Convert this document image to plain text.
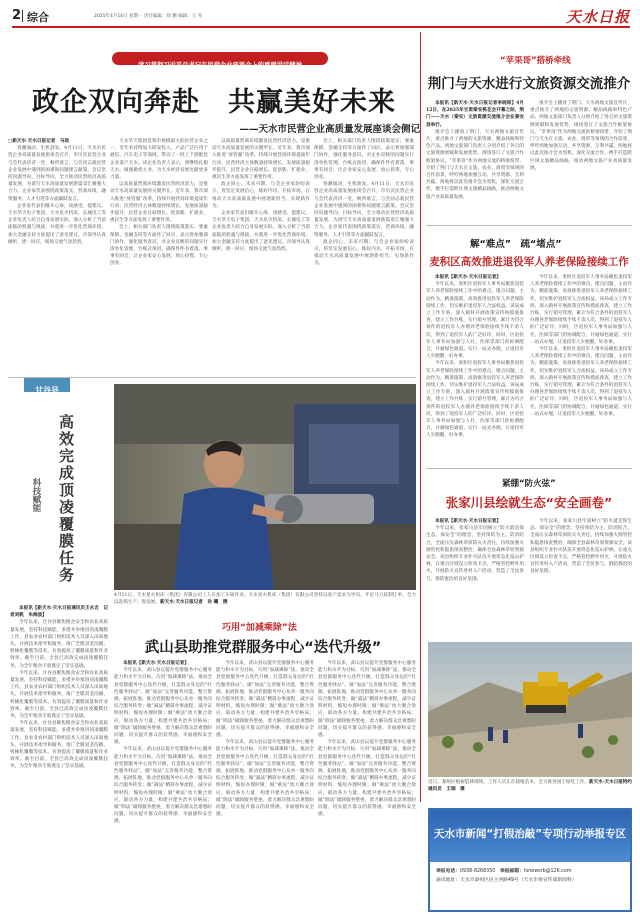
2 综合	2025年4月14日 星期一 责任编辑：徐 鹏 编辑：王 军	天水日报
学习贯彻习近平总书记在民营企业座谈会上的重要讲话精神
政企双向奔赴　共赢美好未来
——天水市民营企业高质量发展座谈会侧记

□新天水·天水日报记者　马琰

春潮涌动，生机勃发。4月11日，天水市民营企业高质量发展座谈会召开，市历次民营企业与会代表济济一堂，畅所欲言，与会同志就民营企业发展中遇到的困难和问题建言献策。会议坚持问题导向、目标导向，全力推动民营经济高质量发展，为谱写天水高质量发展新篇章汇聚强大合力。企业家代表围绕政策落实、营商环境、融资服务、人才引进等方面踊跃发言。

企业家代表们敞开心扉，谈感受、提建议。天水华天电子集团、天水星火机床、长城电工等企业负责人结合自身发展实际，深入分析了当前面临的机遇与挑战，并就进一步优化营商环境、加大金融支持力度提出了意见建议。市领导认真倾听，逐一回应，现场交流气氛热烈。

天水华天集团是我市规模最大的民营企业之一，近年来持续加大研发投入，产品广泛应用于通信、汽车电子等领域，带动了一批上下游配套企业落户天水。该企业负责人表示，将继续扎根天水，做强做优主业，为天水经济发展贡献更多力量。

以高质量营商环境激发民营经济活力，是推动天水高质量发展的关键所在。近年来，我市深入推进“放管服”改革，持续开展营商环境提质年行动，民营经济主体数量持续增长，发展质量稳步提升，民营企业在稳增长、促创新、扩就业、惠民生等方面发挥了重要作用。

会上，相关部门负责人围绕政策落实、要素保障、金融支持等方面作了回应，表示将加强部门协作，强化服务意识，对企业反映的问题实行清单化管理、台账式推进，确保件件有着落、事事有回音，让企业家安心发展、放心投资、专心创业。

以高质量营商环境激发民营经济活力，是推动天水高质量发展的关键所在。近年来，我市深入推进“放管服”改革，持续开展营商环境提质年行动，民营经济主体数量持续增长，发展质量稳步提升，民营企业在稳增长、促创新、扩就业、惠民生等方面发挥了重要作用。

政企同心，未来可期。与会企业家纷纷表示，将坚定发展信心，练好内功、开拓市场，在推动天水高质量发展中展现新担当、实现新作为。

企业家代表们敞开心扉，谈感受、提建议。天水华天电子集团、天水星火机床、长城电工等企业负责人结合自身发展实际，深入分析了当前面临的机遇与挑战，并就进一步优化营商环境、加大金融支持力度提出了意见建议。市领导认真倾听，逐一回应，现场交流气氛热烈。

会上，相关部门负责人围绕政策落实、要素保障、金融支持等方面作了回应，表示将加强部门协作，强化服务意识，对企业反映的问题实行清单化管理、台账式推进，确保件件有着落、事事有回音，让企业家安心发展、放心投资、专心创业。

春潮涌动，生机勃发。4月11日，天水市民营企业高质量发展座谈会召开，市历次民营企业与会代表济济一堂，畅所欲言，与会同志就民营企业发展中遇到的困难和问题建言献策。会议坚持问题导向、目标导向，全力推动民营经济高质量发展，为谱写天水高质量发展新篇章汇聚强大合力。企业家代表围绕政策落实、营商环境、融资服务、人才引进等方面踊跃发言。

政企同心，未来可期。与会企业家纷纷表示，将坚定发展信心，练好内功、开拓市场，在推动天水高质量发展中展现新担当、实现新作为。

“苹果哥”搭桥牵线
荆门与天水进行文旅资源交流推介

本报讯【新天水·天水日报记者李晓琼】4月12日，在2025年甘肃秦安桃花会开幕之际，荆门——天水（秦安）文旅资源交流推介会在秦安县举行。

推介会上播放了荆门、天水两地文旅宣传片，重点推介了两地的文旅资源、精品线路和特色产品。两地文旅部门负责人分别介绍了各自的文旅资源禀赋和发展优势，现场签订了文旅合作框架协议。“苹果哥”作为两地交流的桥梁纽带，介绍了荆门与天水在文旅、农业、商贸等领域的合作前景，呼吁两地加强互动、共享资源、互利共赢。两地将以此次推介会为契机，深化交流合作，携手打造跨区域文旅精品线路，推动两地文旅产业高质量发展。

推介会上播放了荆门、天水两地文旅宣传片，重点推介了两地的文旅资源、精品线路和特色产品。两地文旅部门负责人分别介绍了各自的文旅资源禀赋和发展优势，现场签订了文旅合作框架协议。“苹果哥”作为两地交流的桥梁纽带，介绍了荆门与天水在文旅、农业、商贸等领域的合作前景，呼吁两地加强互动、共享资源、互利共赢。两地将以此次推介会为契机，深化交流合作，携手打造跨区域文旅精品线路，推动两地文旅产业高质量发展。

解“难点”　疏“堵点”
麦积区高效推进退役军人养老保险接续工作

本报讯【新天水·天水日报记者】

今年以来，麦积区退役军人事务局聚焦退役军人养老保险接续工作中的难点、堵点问题，主动作为、精准施策，高效推进退役军人养老保险接续工作，切实维护退役军人合法权益。该局成立工作专班，深入镇村开展政策宣传和摸底排查，建立工作台账，实行销号管理，累计为符合条件的退役军人办理养老保险接续手续千余人次，得到了退役军人的广泛好评。同时，区退役军人事务局加强与人社、医保等部门的协调配合，开通绿色通道，实行一站式办理，让退役军人少跑腿、好办事。

今年以来，麦积区退役军人事务局聚焦退役军人养老保险接续工作中的难点、堵点问题，主动作为、精准施策，高效推进退役军人养老保险接续工作，切实维护退役军人合法权益。该局成立工作专班，深入镇村开展政策宣传和摸底排查，建立工作台账，实行销号管理，累计为符合条件的退役军人办理养老保险接续手续千余人次，得到了退役军人的广泛好评。同时，区退役军人事务局加强与人社、医保等部门的协调配合，开通绿色通道，实行一站式办理，让退役军人少跑腿、好办事。

今年以来，麦积区退役军人事务局聚焦退役军人养老保险接续工作中的难点、堵点问题，主动作为、精准施策，高效推进退役军人养老保险接续工作，切实维护退役军人合法权益。该局成立工作专班，深入镇村开展政策宣传和摸底排查，建立工作台账，实行销号管理，累计为符合条件的退役军人办理养老保险接续手续千余人次，得到了退役军人的广泛好评。同时，区退役军人事务局加强与人社、医保等部门的协调配合，开通绿色通道，实行一站式办理，让退役军人少跑腿、好办事。

今年以来，麦积区退役军人事务局聚焦退役军人养老保险接续工作中的难点、堵点问题，主动作为、精准施策，高效推进退役军人养老保险接续工作，切实维护退役军人合法权益。该局成立工作专班，深入镇村开展政策宣传和摸底排查，建立工作台账，实行销号管理，累计为符合条件的退役军人办理养老保险接续手续千余人次，得到了退役军人的广泛好评。同时，区退役军人事务局加强与人社、医保等部门的协调配合，开通绿色通道，实行一站式办理，让退役军人少跑腿、好办事。

紧绷“防火弦”
张家川县绘就生态“安全画卷”

本报讯【新天水·天水日报记者】

今年以来，张家川县牢固树立“防火就是保生态、保安全”的理念，坚持预防为主、防消结合，全面压实森林草原防灭火责任，持续加强火源管控和隐患排查整治，确保全县森林草原资源安全。该县组织专业扑火队伍开展常态化巡山护林，在重点区域设立检查卡点，严格管控野外用火，开展防火宣传进村入户活动，营造了全民参与、群防群治的良好氛围。

今年以来，张家川县牢固树立“防火就是保生态、保安全”的理念，坚持预防为主、防消结合，全面压实森林草原防灭火责任，持续加强火源管控和隐患排查整治，确保全县森林草原资源安全。该县组织专业扑火队伍开展常态化巡山护林，在重点区域设立检查卡点，严格管控野外用火，开展防火宣传进村入户活动，营造了全民参与、群防群治的良好氛围。

近日，秦州区植树造林现场，工作人员正在栽植苗木，全力推进国土绿化工作。新天水·天水日报特约通讯员　王瑞　摄
甘谷县
高效完成顶凌覆膜任务
科技赋能

本报讯【新天水·天水日报通讯员王永吉　记者刘帆　朱海波】

今年以来，甘谷县聚焦粮食安全和农业高质量发展，坚持科技赋能，多措并举推进顶凌覆膜工作。县农业农村部门组织技术人员深入田间地头，开展技术指导和服务，推广全膜双垄沟播、机械化覆膜等技术，有效提高了覆膜质量和作业效率。截至目前，全县已高效完成顶凌覆膜任务，为全年粮食丰收奠定了坚实基础。

今年以来，甘谷县聚焦粮食安全和农业高质量发展，坚持科技赋能，多措并举推进顶凌覆膜工作。县农业农村部门组织技术人员深入田间地头，开展技术指导和服务，推广全膜双垄沟播、机械化覆膜等技术，有效提高了覆膜质量和作业效率。截至目前，全县已高效完成顶凌覆膜任务，为全年粮食丰收奠定了坚实基础。

今年以来，甘谷县聚焦粮食安全和农业高质量发展，坚持科技赋能，多措并举推进顶凌覆膜工作。县农业农村部门组织技术人员深入田间地头，开展技术指导和服务，推广全膜双垄沟播、机械化覆膜等技术，有效提高了覆膜质量和作业效率。截至目前，全县已高效完成顶凌覆膜任务，为全年粮食丰收奠定了坚实基础。

4月11日，天水星火机床（集团）有限公司工人在加工车间作业。天水星火机床（集团）有限公司坚持以客户需求为导向，开足马力赶制订单，全力以赴抓生产、促发展。新天水·天水日报记者　孙 曦　摄
巧用“加减乘除”法
武山县助推党群服务中心“迭代升级”

本报讯【新天水·天水日报记者】

今年以来，武山县以提升党群服务中心服务能力和水平为目标，巧用“加减乘除”法，推动全县党群服务中心迭代升级，打造群众身边的“红色服务驿站”。做“加法”完善服务功能，整合资源、拓展阵地，推动党群服务中心从单一服务向综合服务转变；做“减法”精简办事流程，减少证明材料，缩短办理时限；做“乘法”放大聚合效应，联动各方力量，构建共建共治共享格局；做“除法”破除服务壁垒，着力解决群众急难愁盼问题，切实提升群众的获得感、幸福感和安全感。

今年以来，武山县以提升党群服务中心服务能力和水平为目标，巧用“加减乘除”法，推动全县党群服务中心迭代升级，打造群众身边的“红色服务驿站”。做“加法”完善服务功能，整合资源、拓展阵地，推动党群服务中心从单一服务向综合服务转变；做“减法”精简办事流程，减少证明材料，缩短办理时限；做“乘法”放大聚合效应，联动各方力量，构建共建共治共享格局；做“除法”破除服务壁垒，着力解决群众急难愁盼问题，切实提升群众的获得感、幸福感和安全感。

今年以来，武山县以提升党群服务中心服务能力和水平为目标，巧用“加减乘除”法，推动全县党群服务中心迭代升级，打造群众身边的“红色服务驿站”。做“加法”完善服务功能，整合资源、拓展阵地，推动党群服务中心从单一服务向综合服务转变；做“减法”精简办事流程，减少证明材料，缩短办理时限；做“乘法”放大聚合效应，联动各方力量，构建共建共治共享格局；做“除法”破除服务壁垒，着力解决群众急难愁盼问题，切实提升群众的获得感、幸福感和安全感。

今年以来，武山县以提升党群服务中心服务能力和水平为目标，巧用“加减乘除”法，推动全县党群服务中心迭代升级，打造群众身边的“红色服务驿站”。做“加法”完善服务功能，整合资源、拓展阵地，推动党群服务中心从单一服务向综合服务转变；做“减法”精简办事流程，减少证明材料，缩短办理时限；做“乘法”放大聚合效应，联动各方力量，构建共建共治共享格局；做“除法”破除服务壁垒，着力解决群众急难愁盼问题，切实提升群众的获得感、幸福感和安全感。

今年以来，武山县以提升党群服务中心服务能力和水平为目标，巧用“加减乘除”法，推动全县党群服务中心迭代升级，打造群众身边的“红色服务驿站”。做“加法”完善服务功能，整合资源、拓展阵地，推动党群服务中心从单一服务向综合服务转变；做“减法”精简办事流程，减少证明材料，缩短办理时限；做“乘法”放大聚合效应，联动各方力量，构建共建共治共享格局；做“除法”破除服务壁垒，着力解决群众急难愁盼问题，切实提升群众的获得感、幸福感和安全感。

今年以来，武山县以提升党群服务中心服务能力和水平为目标，巧用“加减乘除”法，推动全县党群服务中心迭代升级，打造群众身边的“红色服务驿站”。做“加法”完善服务功能，整合资源、拓展阵地，推动党群服务中心从单一服务向综合服务转变；做“减法”精简办事流程，减少证明材料，缩短办理时限；做“乘法”放大聚合效应，联动各方力量，构建共建共治共享格局；做“除法”破除服务壁垒，着力解决群众急难愁盼问题，切实提升群众的获得感、幸福感和安全感。

天水市新闻“打假治敲”专项行动举报专区
举报电话：0938-8268350 举报邮箱：tsnewsrb@126.com
通讯地址：天水市秦州区民主西路49号（天水市委宣传部新闻科）
